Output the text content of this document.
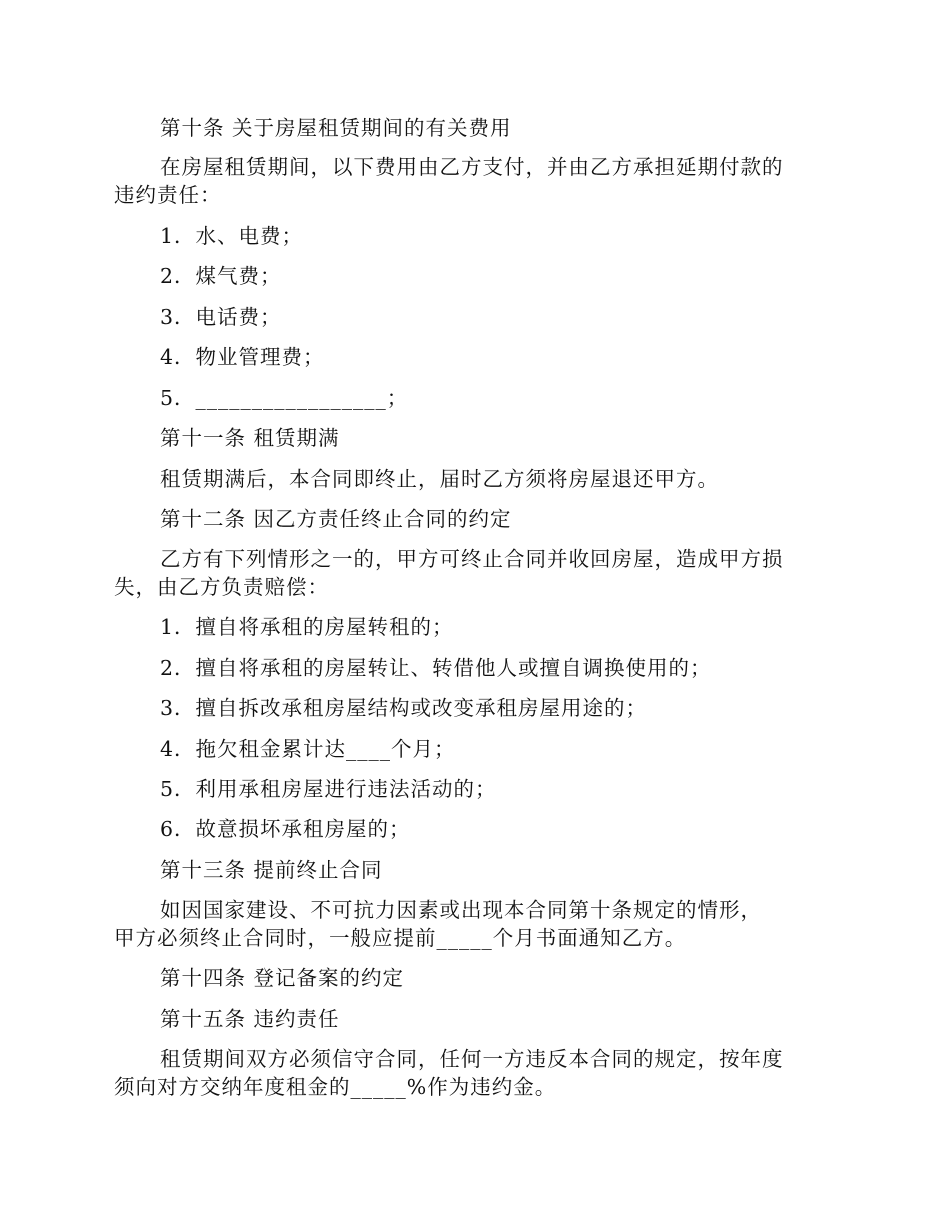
第十条 关于房屋租赁期间的有关费用
在房屋租赁期间，以下费用由乙方支付，并由乙方承担延期付款的
违约责任：
1．水、电费；
2．煤气费；
3．电话费；
4．物业管理费；
5．_________________；
第十一条 租赁期满
租赁期满后，本合同即终止，届时乙方须将房屋退还甲方。
第十二条 因乙方责任终止合同的约定
乙方有下列情形之一的，甲方可终止合同并收回房屋，造成甲方损
失，由乙方负责赔偿：
1．擅自将承租的房屋转租的；
2．擅自将承租的房屋转让、转借他人或擅自调换使用的；
3．擅自拆改承租房屋结构或改变承租房屋用途的；
4．拖欠租金累计达____个月；
5．利用承租房屋进行违法活动的；
6．故意损坏承租房屋的；
第十三条 提前终止合同
如因国家建设、不可抗力因素或出现本合同第十条规定的情形，
甲方必须终止合同时，一般应提前_____个月书面通知乙方。
第十四条 登记备案的约定
第十五条 违约责任
租赁期间双方必须信守合同，任何一方违反本合同的规定，按年度
须向对方交纳年度租金的_____%作为违约金。
